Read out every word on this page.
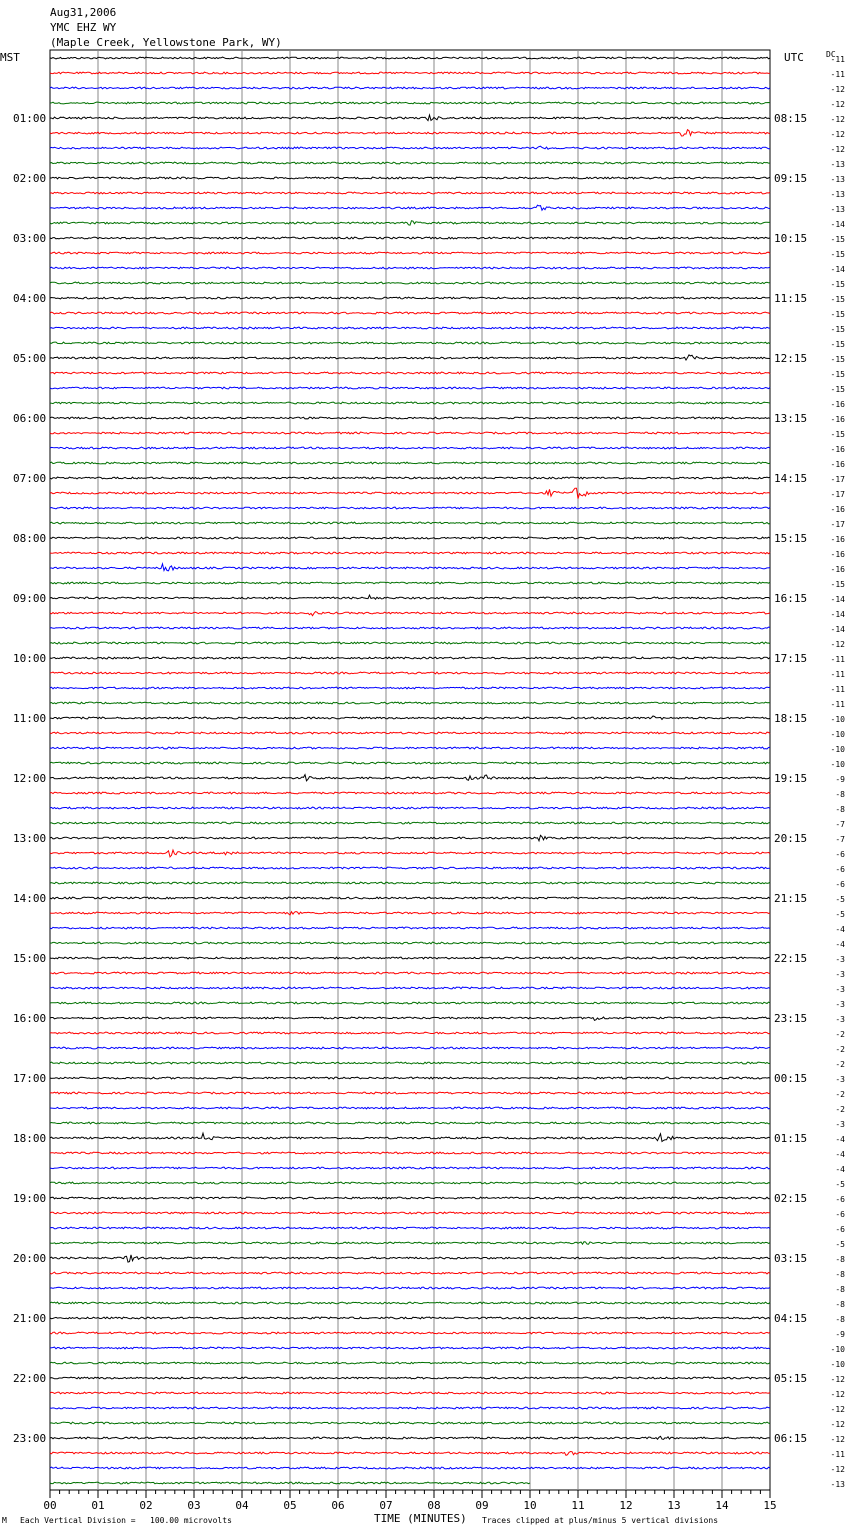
Aug31,2006
YMC EHZ WY
(Maple Creek, Yellowstone Park, WY)
MST	UTC	DC
01:00
02:00
03:00
04:00
05:00
06:00
07:00
08:00
09:00
10:00
11:00
12:00
13:00
14:00
15:00
16:00
17:00
18:00
19:00
20:00
21:00
22:00
23:00
08:15
09:15
10:15
11:15
12:15
13:15
14:15
15:15
16:15
17:15
18:15
19:15
20:15
21:15
22:15
23:15
00:15
01:15
02:15
03:15
04:15
05:15
06:15
-11
-11
-12
-12
-12
-12
-12
-13
-13
-13
-13
-14
-15
-15
-14
-15
-15
-15
-15
-15
-15
-15
-15
-16
-16
-15
-16
-16
-17
-17
-16
-17
-16
-16
-16
-15
-14
-14
-14
-12
-11
-11
-11
-11
-10
-10
-10
-10
-9
-8
-8
-7
-7
-6
-6
-6
-5
-5
-4
-4
-3
-3
-3
-3
-3
-2
-2
-2
-3
-2
-2
-3
-4
-4
-4
-5
-6
-6
-6
-5
-8
-8
-8
-8
-8
-9
-10
-10
-12
-12
-12
-12
-12
-11
-12
-13
00	01	02	03	04	05	06	07	08	09	10	11	12	13	14	15
M Each Vertical Division = 100.00 microvolts	TIME (MINUTES) Traces clipped at plus/minus 5 vertical divisions
